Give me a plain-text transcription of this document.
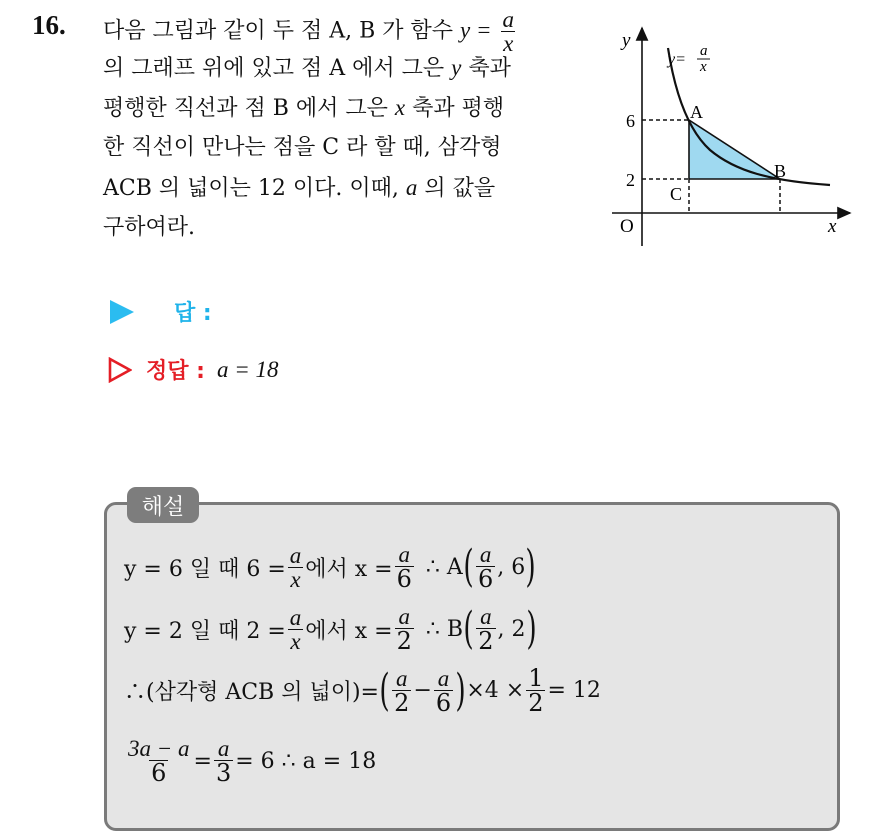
16. 다음 그림과 같이 두 점 A, B 가 함수 $y = \frac{a}{x}$
의 그래프 위에 있고 점 A 에서 그은 y 축과
평행한 직선과 점 B 에서 그은 x 축과 평행
한 직선이 만나는 점을 C 라 할 때, 삼각형
ACB 의 넓이는 12 이다. 이때, a 의 값을
구하여라.
y
x
O
6
2
A
B
C
y= a
x
답 :
정답 : a = 18
해설
y = 6 일 때 $6 = \frac{a}{x}$ 에서 $x = \frac{a}{6}$ ∴ A ( $\frac{a}{6}$ , 6 )
y = 2 일 때 $2 = \frac{a}{x}$ 에서 $x = \frac{a}{2}$ ∴ B ( $\frac{a}{2}$ , 2 )
∴(삼각형 ACB 의 넓이)= ( $\frac{a}{2} - \frac{a}{6}$ ) $\times 4 \times \frac{1}{2} = 12$
$\frac{3a - a}{6} = \frac{a}{3} = 6$ ∴ a = 18
